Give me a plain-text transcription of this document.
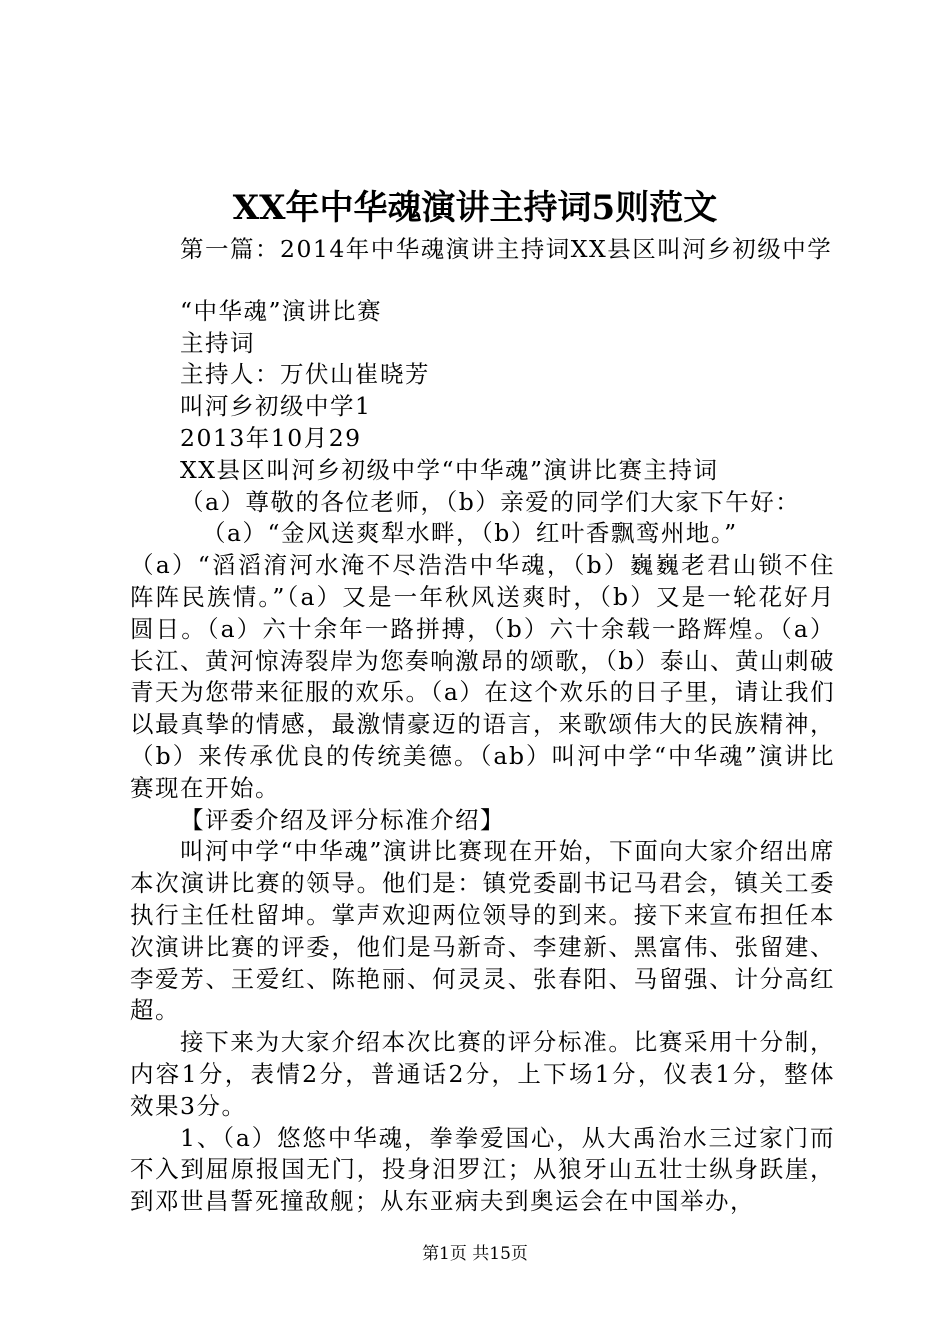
XX年中华魂演讲主持词5则范文
第一篇：2014年中华魂演讲主持词XX县区叫河乡初级中学
“中华魂”演讲比赛
主持词
主持人：万伏山崔晓芳
叫河乡初级中学1
2013年10月29
XX县区叫河乡初级中学“中华魂”演讲比赛主持词
（a）尊敬的各位老师，（b）亲爱的同学们大家下午好：
（a）“金风送爽犁水畔，（b）红叶香飘鸾州地。”
（a）“滔滔淯河水淹不尽浩浩中华魂，（b）巍巍老君山锁不住阵阵民族情。”（a）又是一年秋风送爽时，（b）又是一轮花好月圆日。（a）六十余年一路拼搏，（b）六十余载一路辉煌。（a）长江、黄河惊涛裂岸为您奏响激昂的颂歌，（b）泰山、黄山刺破青天为您带来征服的欢乐。（a）在这个欢乐的日子里，请让我们以最真挚的情感，最激情豪迈的语言，来歌颂伟大的民族精神，（b）来传承优良的传统美德。（ab）叫河中学“中华魂”演讲比赛现在开始。
【评委介绍及评分标准介绍】
叫河中学“中华魂”演讲比赛现在开始，下面向大家介绍出席本次演讲比赛的领导。他们是：镇党委副书记马君会，镇关工委执行主任杜留坤。掌声欢迎两位领导的到来。接下来宣布担任本次演讲比赛的评委，他们是马新奇、李建新、黑富伟、张留建、李爱芳、王爱红、陈艳丽、何灵灵、张春阳、马留强、计分高红超。
接下来为大家介绍本次比赛的评分标准。比赛采用十分制，内容1分，表情2分，普通话2分，上下场1分，仪表1分，整体效果3分。
1、（a）悠悠中华魂，拳拳爱国心，从大禹治水三过家门而不入到屈原报国无门，投身汨罗江；从狼牙山五壮士纵身跃崖，到邓世昌誓死撞敌舰；从东亚病夫到奥运会在中国举办，
第1页 共15页
